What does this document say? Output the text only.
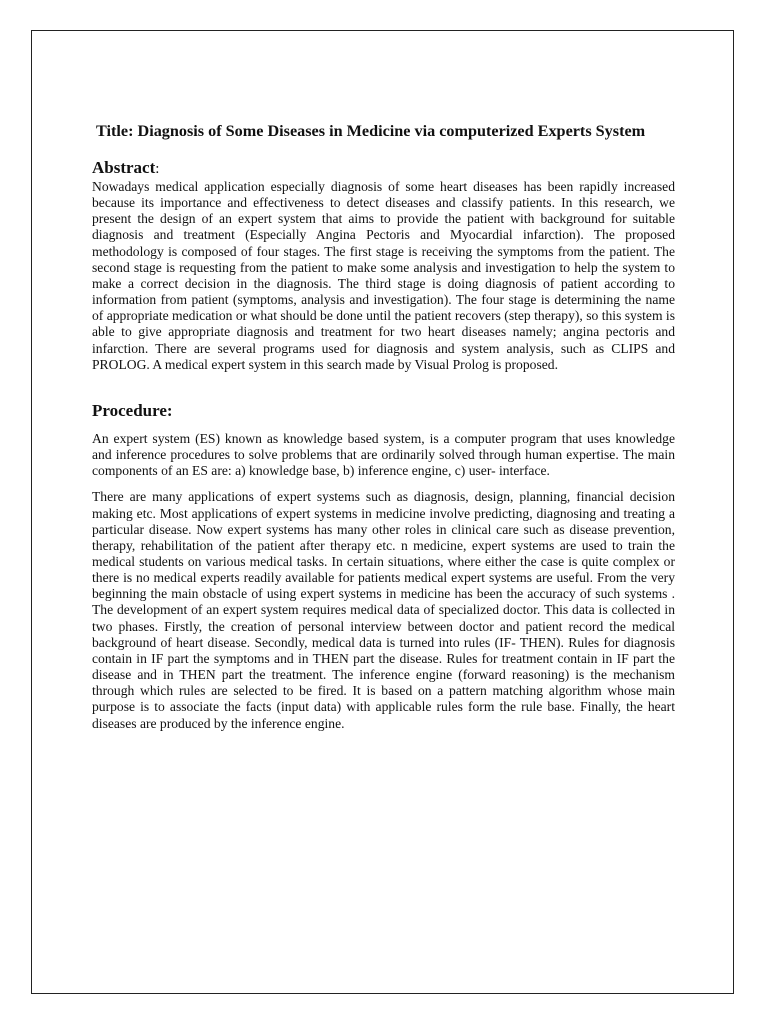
Title: Diagnosis of Some Diseases in Medicine via computerized Experts System
Abstract:

Nowadays medical application especially diagnosis of some heart diseases has been rapidly increased because its importance and effectiveness to detect diseases and classify patients. In this research, we present the design of an expert system that aims to provide the patient with background for suitable diagnosis and treatment (Especially Angina Pectoris and Myocardial infarction). The proposed methodology is composed of four stages. The first stage is receiving the symptoms from the patient. The second stage is requesting from the patient to make some analysis and investigation to help the system to make a correct decision in the diagnosis. The third stage is doing diagnosis of patient according to information from patient (symptoms, analysis and investigation). The four stage is determining the name of appropriate medication or what should be done until the patient recovers (step therapy), so this system is able to give appropriate diagnosis and treatment for two heart diseases namely; angina pectoris and infarction. There are several programs used for diagnosis and system analysis, such as CLIPS and PROLOG. A medical expert system in this search made by Visual Prolog is proposed.

Procedure:

An expert system (ES) known as knowledge based system, is a computer program that uses knowledge and inference procedures to solve problems that are ordinarily solved through human expertise. The main components of an ES are: a) knowledge base, b) inference engine, c) user- interface.

There are many applications of expert systems such as diagnosis, design, planning, financial decision making etc. Most applications of expert systems in medicine involve predicting, diagnosing and treating a particular disease. Now expert systems has many other roles in clinical care such as disease prevention, therapy, rehabilitation of the patient after therapy etc. n medicine, expert systems are used to train the medical students on various medical tasks. In certain situations, where either the case is quite complex or there is no medical experts readily available for patients medical expert systems are useful. From the very beginning the main obstacle of using expert systems in medicine has been the accuracy of such systems . The development of an expert system requires medical data of specialized doctor. This data is collected in two phases. Firstly, the creation of personal interview between doctor and patient record the medical background of heart disease. Secondly, medical data is turned into rules (IF- THEN). Rules for diagnosis contain in IF part the symptoms and in THEN part the disease. Rules for treatment contain in IF part the disease and in THEN part the treatment. The inference engine (forward reasoning) is the mechanism through which rules are selected to be fired. It is based on a pattern matching algorithm whose main purpose is to associate the facts (input data) with applicable rules form the rule base. Finally, the heart diseases are produced by the inference engine.
